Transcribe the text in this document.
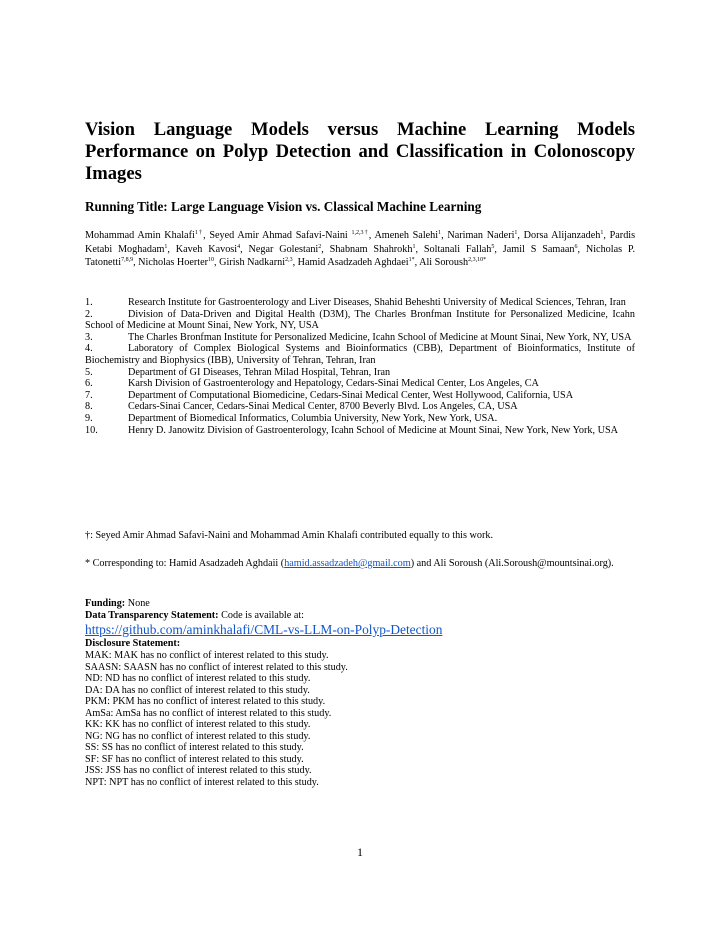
Vision Language Models versus Machine Learning Models Performance on Polyp Detection and Classification in Colonoscopy Images

Running Title: Large Language Vision vs. Classical Machine Learning

Mohammad Amin Khalafi$^{1\dagger}$, Seyed Amir Ahmad Safavi-Naini $^{1,2,3\dagger}$, Ameneh Salehi$^1$, Nariman Naderi$^1$, Dorsa Alijanzadeh$^1$, Pardis Ketabi Moghadam$^1$, Kaveh Kavosi$^4$, Negar Golestani$^2$, Shabnam Shahrokh$^1$, Soltanali Fallah$^5$, Jamil S Samaan$^6$, Nicholas P. Tatonetti$^{7,8,9}$, Nicholas Hoerter$^{10}$, Girish Nadkarni$^{2,3}$, Hamid Asadzadeh Aghdaei$^{1*}$, Ali Soroush$^{2,3,10*}$

1.	Research Institute for Gastroenterology and Liver Diseases, Shahid Beheshti University of Medical Sciences, Tehran, Iran
2.	Division of Data-Driven and Digital Health (D3M), The Charles Bronfman Institute for Personalized Medicine, Icahn School of Medicine at Mount Sinai, New York, NY, USA
3.	The Charles Bronfman Institute for Personalized Medicine, Icahn School of Medicine at Mount Sinai, New York, NY, USA
4.	Laboratory of Complex Biological Systems and Bioinformatics (CBB), Department of Bioinformatics, Institute of Biochemistry and Biophysics (IBB), University of Tehran, Tehran, Iran
5.	Department of GI Diseases, Tehran Milad Hospital, Tehran, Iran
6.	Karsh Division of Gastroenterology and Hepatology, Cedars-Sinai Medical Center, Los Angeles, CA
7.	Department of Computational Biomedicine, Cedars-Sinai Medical Center, West Hollywood, California, USA
8.	Cedars-Sinai Cancer, Cedars-Sinai Medical Center, 8700 Beverly Blvd. Los Angeles, CA, USA
9.	Department of Biomedical Informatics, Columbia University, New York, New York, USA.
10.	Henry D. Janowitz Division of Gastroenterology, Icahn School of Medicine at Mount Sinai, New York, New York, USA

†: Seyed Amir Ahmad Safavi-Naini and Mohammad Amin Khalafi contributed equally to this work.

* Corresponding to: Hamid Asadzadeh Aghdaii (hamid.assadzadeh@gmail.com) and Ali Soroush (Ali.Soroush@mountsinai.org).

Funding: None

Data Transparency Statement: Code is available at:

https://github.com/aminkhalafi/CML-vs-LLM-on-Polyp-Detection

Disclosure Statement:

MAK: MAK has no conflict of interest related to this study.
SAASN: SAASN has no conflict of interest related to this study.
ND: ND has no conflict of interest related to this study.
DA: DA has no conflict of interest related to this study.
PKM: PKM has no conflict of interest related to this study.
AmSa: AmSa has no conflict of interest related to this study.
KK: KK has no conflict of interest related to this study.
NG: NG has no conflict of interest related to this study.
SS: SS has no conflict of interest related to this study.
SF: SF has no conflict of interest related to this study.
JSS: JSS has no conflict of interest related to this study.
NPT: NPT has no conflict of interest related to this study.
1
